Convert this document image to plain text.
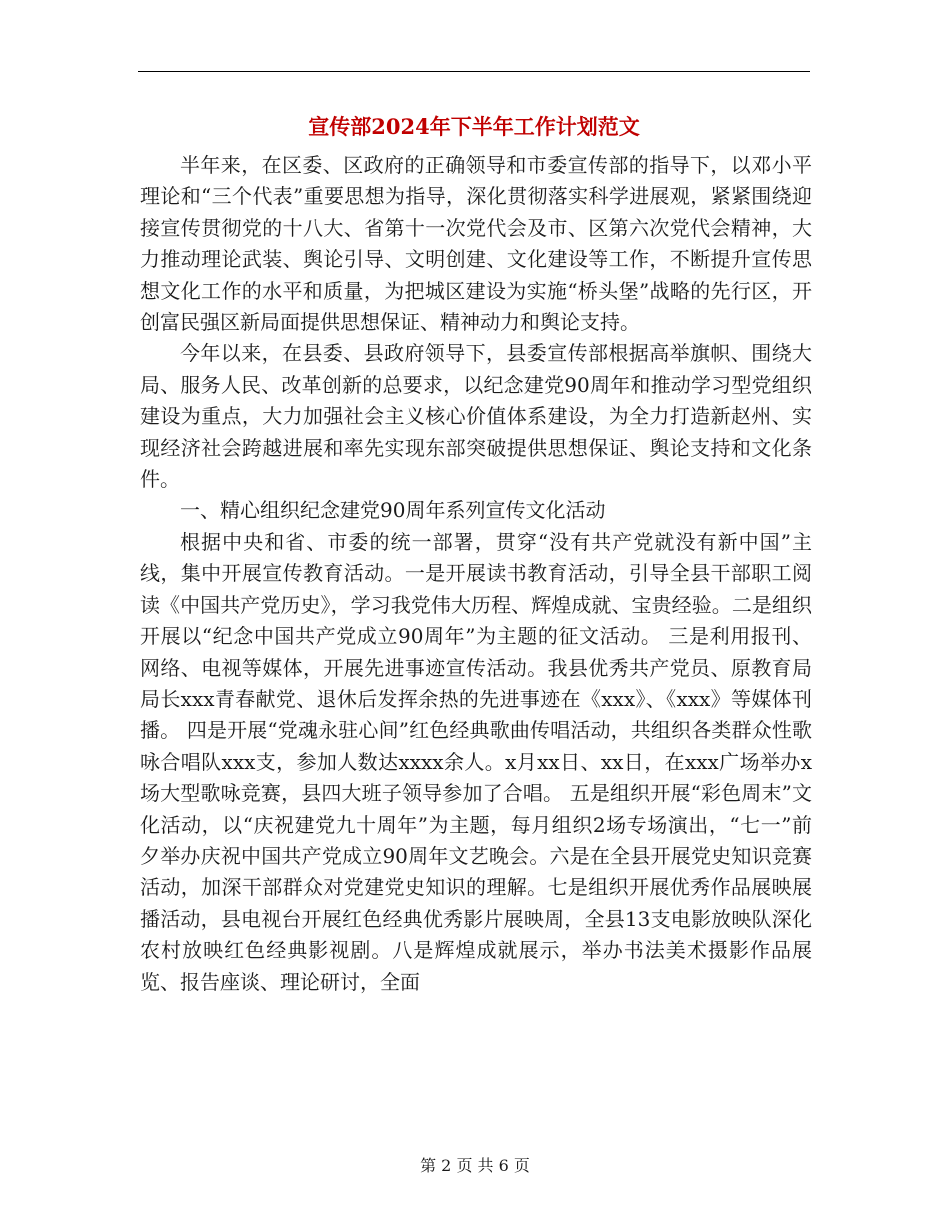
宣传部2024年下半年工作计划范文

半年来，在区委、区政府的正确领导和市委宣传部的指导下，以邓小平理论和“三个代表”重要思想为指导，深化贯彻落实科学进展观，紧紧围绕迎接宣传贯彻党的十八大、省第十一次党代会及市、区第六次党代会精神，大力推动理论武装、舆论引导、文明创建、文化建设等工作，不断提升宣传思想文化工作的水平和质量，为把城区建设为实施“桥头堡”战略的先行区，开创富民强区新局面提供思想保证、精神动力和舆论支持。

今年以来，在县委、县政府领导下，县委宣传部根据高举旗帜、围绕大局、服务人民、改革创新的总要求，以纪念建党90周年和推动学习型党组织建设为重点，大力加强社会主义核心价值体系建设，为全力打造新赵州、实现经济社会跨越进展和率先实现东部突破提供思想保证、舆论支持和文化条件。

一、精心组织纪念建党90周年系列宣传文化活动

根据中央和省、市委的统一部署，贯穿“没有共产党就没有新中国”主线，集中开展宣传教育活动。一是开展读书教育活动，引导全县干部职工阅读《中国共产党历史》，学习我党伟大历程、辉煌成就、宝贵经验。二是组织开展以“纪念中国共产党成立90周年”为主题的征文活动。 三是利用报刊、网络、电视等媒体，开展先进事迹宣传活动。我县优秀共产党员、原教育局局长xxx青春献党、退休后发挥余热的先进事迹在《xxx》、《xxx》等媒体刊播。 四是开展“党魂永驻心间”红色经典歌曲传唱活动，共组织各类群众性歌咏合唱队xxx支，参加人数达xxxx余人。x月xx日、xx日，在xxx广场举办x 场大型歌咏竞赛，县四大班子领导参加了合唱。 五是组织开展“彩色周末”文化活动，以“庆祝建党九十周年”为主题，每月组织2场专场演出，“七一”前夕举办庆祝中国共产党成立90周年文艺晚会。六是在全县开展党史知识竞赛活动，加深干部群众对党建党史知识的理解。七是组织开展优秀作品展映展播活动，县电视台开展红色经典优秀影片展映周，全县13支电影放映队深化农村放映红色经典影视剧。八是辉煌成就展示，举办书法美术摄影作品展览、报告座谈、理论研讨，全面

第 2 页 共 6 页
